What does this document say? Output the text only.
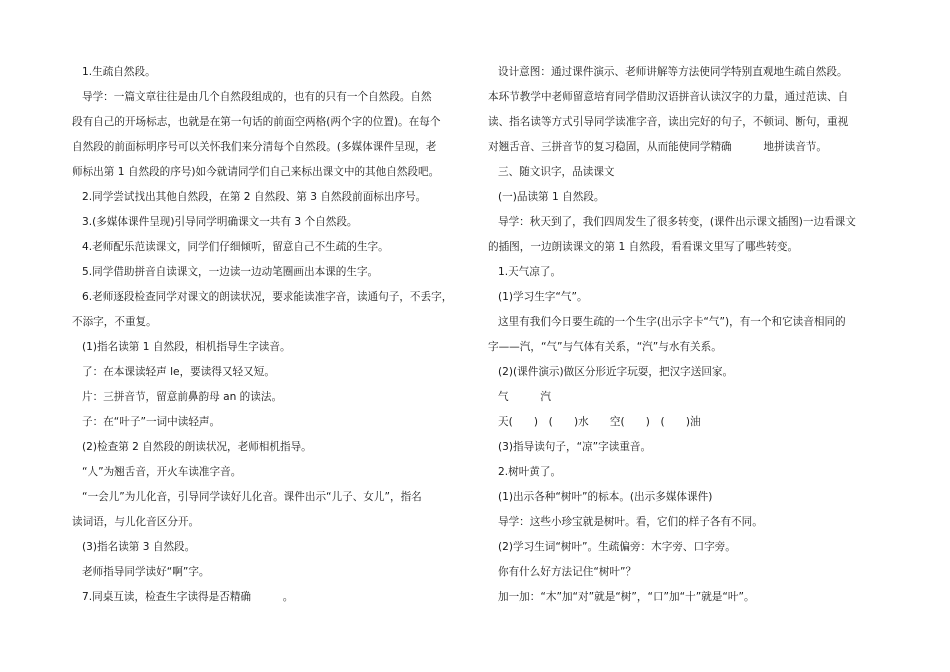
1.生疏自然段。

导学：一篇文章往往是由几个自然段组成的，也有的只有一个自然段。自然

段有自己的开场标志，也就是在第一句话的前面空两格(两个字的位置)。在每个

自然段的前面标明序号可以关怀我们来分清每个自然段。(多媒体课件呈现，老

师标出第 1 自然段的序号)如今就请同学们自己来标出课文中的其他自然段吧。

2.同学尝试找出其他自然段，在第 2 自然段、第 3 自然段前面标出序号。

3.(多媒体课件呈现)引导同学明确课文一共有 3 个自然段。

4.老师配乐范读课文，同学们仔细倾听，留意自己不生疏的生字。

5.同学借助拼音自读课文，一边读一边动笔圈画出本课的生字。

6.老师逐段检查同学对课文的朗读状况，要求能读准字音，读通句子，不丢字，

不添字，不重复。

(1)指名读第 1 自然段，相机指导生字读音。

了：在本课读轻声 le，要读得又轻又短。

片：三拼音节，留意前鼻韵母 an 的读法。

子：在“叶子”一词中读轻声。

(2)检查第 2 自然段的朗读状况，老师相机指导。

“人”为翘舌音，开火车读准字音。

“一会儿”为儿化音，引导同学读好儿化音。课件出示“儿子、女儿”，指名

读词语，与儿化音区分开。

(3)指名读第 3 自然段。

老师指导同学读好“啊”字。

7.同桌互读，检查生字读得是否精确　　　。

设计意图：通过课件演示、老师讲解等方法使同学特别直观地生疏自然段。

本环节教学中老师留意培育同学借助汉语拼音认读汉字的力量，通过范读、自

读、指名读等方式引导同学读准字音，读出完好的句子，不顿词、断句，重视

对翘舌音、三拼音节的复习稳固，从而能使同学精确　　　地拼读音节。

三、随文识字，品读课文

(一)品读第 1 自然段。

导学：秋天到了，我们四周发生了很多转变，(课件出示课文插图)一边看课文

的插图，一边朗读课文的第 1 自然段，看看课文里写了哪些转变。

1.天气凉了。

(1)学习生字“气”。

这里有我们今日要生疏的一个生字(出示字卡“气”)，有一个和它读音相同的

字——汽，“气”与气体有关系，“汽”与水有关系。

(2)(课件演示)做区分形近字玩耍，把汉字送回家。

气　　　汽

天(　　)　(　　)水　　空(　　)　(　　)油

(3)指导读句子，“凉”字读重音。

2.树叶黄了。

(1)出示各种“树叶”的标本。(出示多媒体课件)

导学：这些小珍宝就是树叶。看，它们的样子各有不同。

(2)学习生词“树叶”。生疏偏旁：木字旁、口字旁。

你有什么好方法记住“树叶”？

加一加：“木”加“对”就是“树”，“口”加“十”就是“叶”。
